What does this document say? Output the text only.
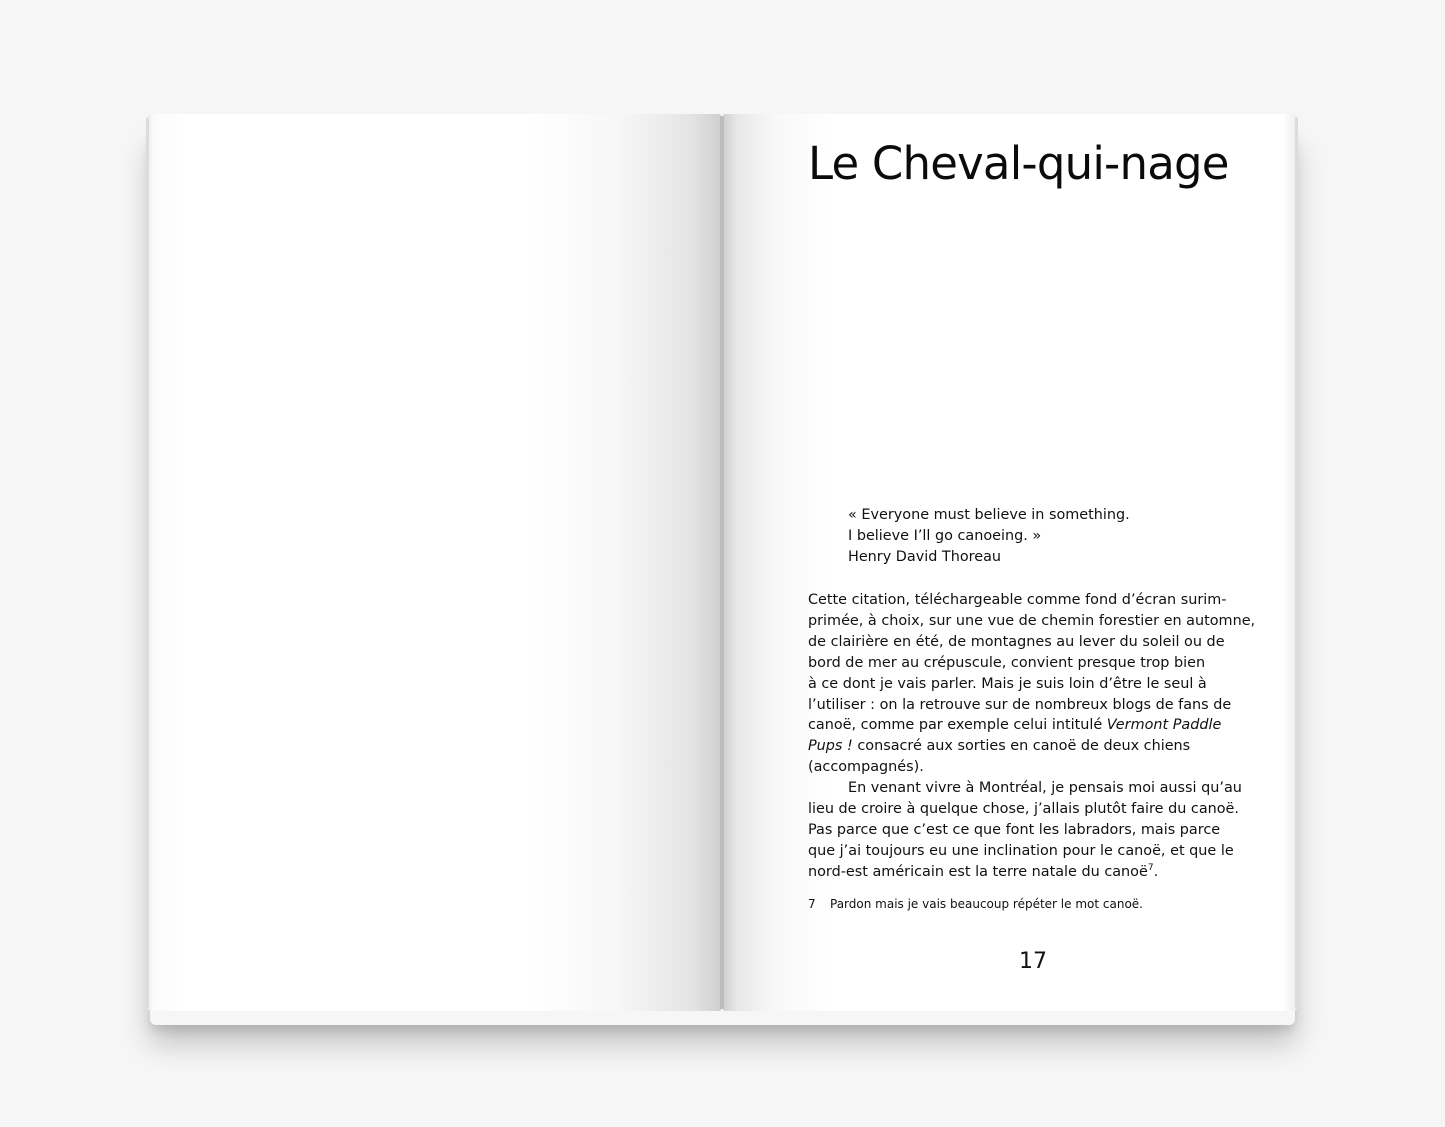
Le Cheval-qui-nage
« Everyone must believe in something.
I believe I’ll go canoeing. »
Henry David Thoreau
Cette citation, téléchargeable comme fond d’écran surim-
primée, à choix, sur une vue de chemin forestier en automne,
de clairière en été, de montagnes au lever du soleil ou de
bord de mer au crépuscule, convient presque trop bien
à ce dont je vais parler. Mais je suis loin d’être le seul à
l’utiliser : on la retrouve sur de nombreux blogs de fans de
canoë, comme par exemple celui intitulé Vermont Paddle
Pups ! consacré aux sorties en canoë de deux chiens
(accompagnés).
En venant vivre à Montréal, je pensais moi aussi qu’au
lieu de croire à quelque chose, j’allais plutôt faire du canoë.
Pas parce que c’est ce que font les labradors, mais parce
que j’ai toujours eu une inclination pour le canoë, et que le
nord-est américain est la terre natale du canoë$^7$.
7 Pardon mais je vais beaucoup répéter le mot canoë.
17
